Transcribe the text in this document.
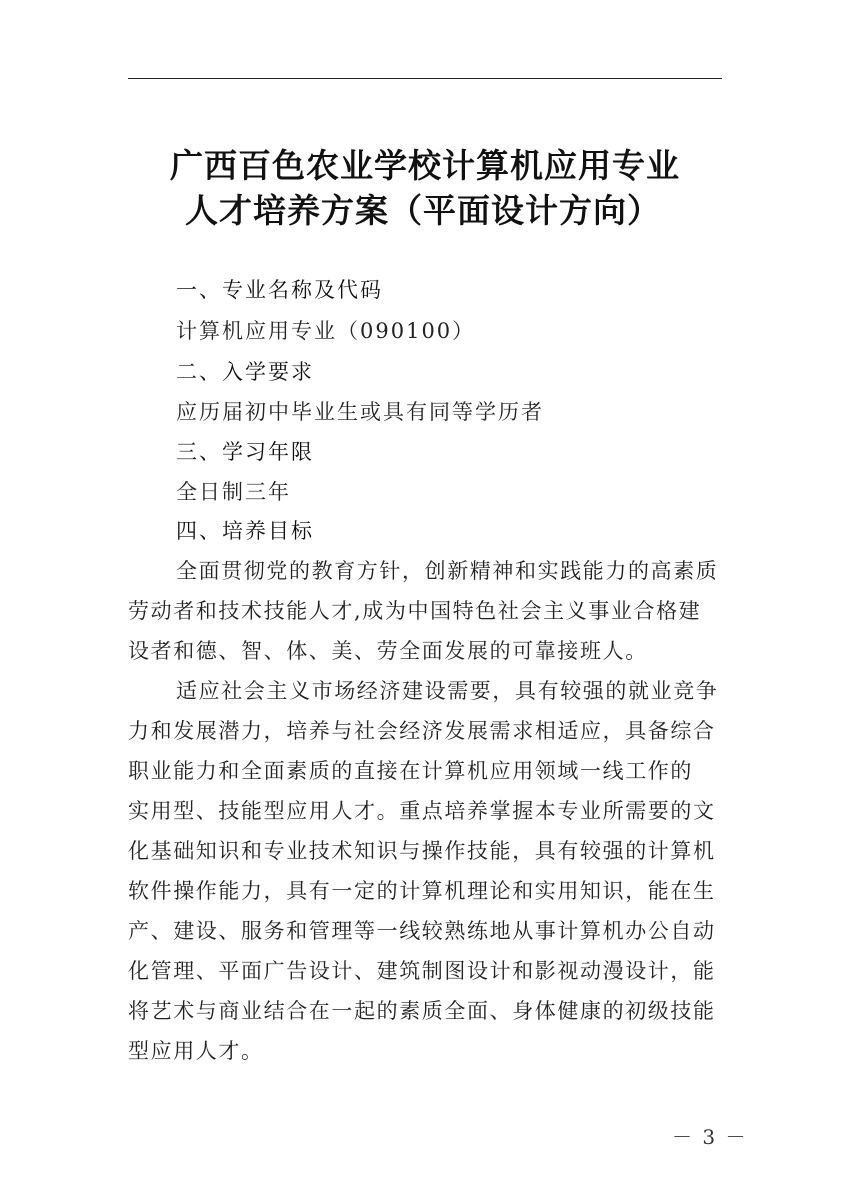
广西百色农业学校计算机应用专业
人才培养方案（平面设计方向）
一、专业名称及代码
计算机应用专业（090100）
二、入学要求
应历届初中毕业生或具有同等学历者
三、学习年限
全日制三年
四、培养目标
全面贯彻党的教育方针，创新精神和实践能力的高素质
劳动者和技术技能人才,成为中国特色社会主义事业合格建
设者和德、智、体、美、劳全面发展的可靠接班人。
适应社会主义市场经济建设需要，具有较强的就业竞争
力和发展潜力，培养与社会经济发展需求相适应，具备综合
职业能力和全面素质的直接在计算机应用领域一线工作的
实用型、技能型应用人才。重点培养掌握本专业所需要的文
化基础知识和专业技术知识与操作技能，具有较强的计算机
软件操作能力，具有一定的计算机理论和实用知识，能在生
产、建设、服务和管理等一线较熟练地从事计算机办公自动
化管理、平面广告设计、建筑制图设计和影视动漫设计，能
将艺术与商业结合在一起的素质全面、身体健康的初级技能
型应用人才。
－ 3 －
